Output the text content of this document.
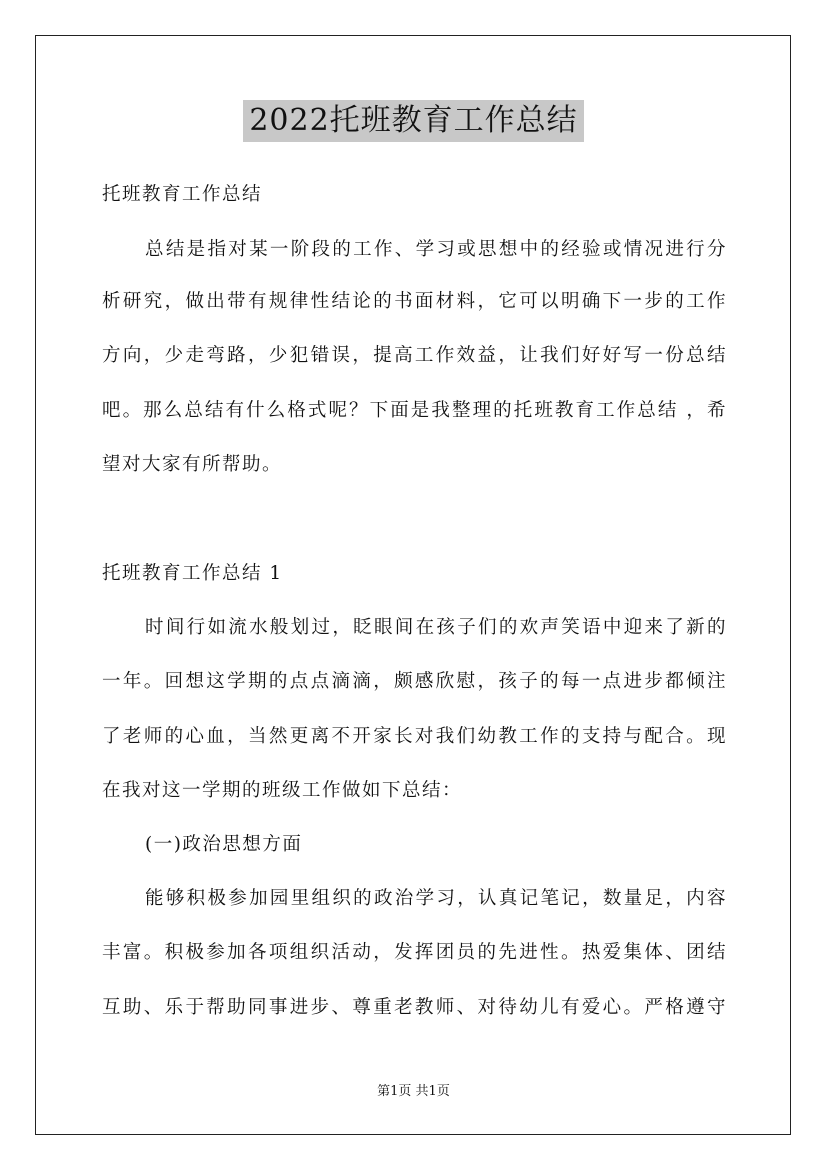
2022托班教育工作总结
托班教育工作总结
总结是指对某一阶段的工作、学习或思想中的经验或情况进行分
析研究，做出带有规律性结论的书面材料，它可以明确下一步的工作
方向，少走弯路，少犯错误，提高工作效益，让我们好好写一份总结
吧。那么总结有什么格式呢？下面是我整理的托班教育工作总结 ，希
望对大家有所帮助。
托班教育工作总结 1
时间行如流水般划过，眨眼间在孩子们的欢声笑语中迎来了新的
一年。回想这学期的点点滴滴，颇感欣慰，孩子的每一点进步都倾注
了老师的心血，当然更离不开家长对我们幼教工作的支持与配合。现
在我对这一学期的班级工作做如下总结：
(一)政治思想方面
能够积极参加园里组织的政治学习，认真记笔记，数量足，内容
丰富。积极参加各项组织活动，发挥团员的先进性。热爱集体、团结
互助、乐于帮助同事进步、尊重老教师、对待幼儿有爱心。严格遵守
第1页 共1页
